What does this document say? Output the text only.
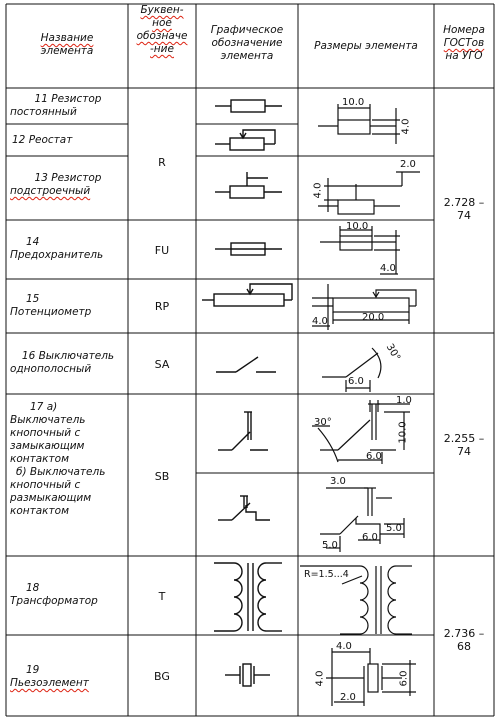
Название
элемента
Буквен-
ное
обозначе
-ние
Графическое
обозначение
элемента
Размеры элемента
Номера
ГОСТов
на УГО
11 Резистор
постоянный
12 Реостат
13 Резистор
подстроечный
14
Предохранитель
15
Потенциометр
16 Выключатель
однополосный
17 а)
Выключатель
кнопочный с
замыкающим
контактом
б) Выключатель
кнопочный с
размыкающим
контактом
18
Трансформатор
19
Пьезоэлемент
R
FU
RP
SA
SB
T
BG
2.728 –
74
2.255 –
74
2.736 –
68
10.0
4.0
2.0
4.0
10.0
4.0
20.0
4.0
30°
6.0
1.0
30°	10.0
6.0
3.0
5.0
6.0
5.0
R=1.5...4
4.0
4.0	6.0
2.0
